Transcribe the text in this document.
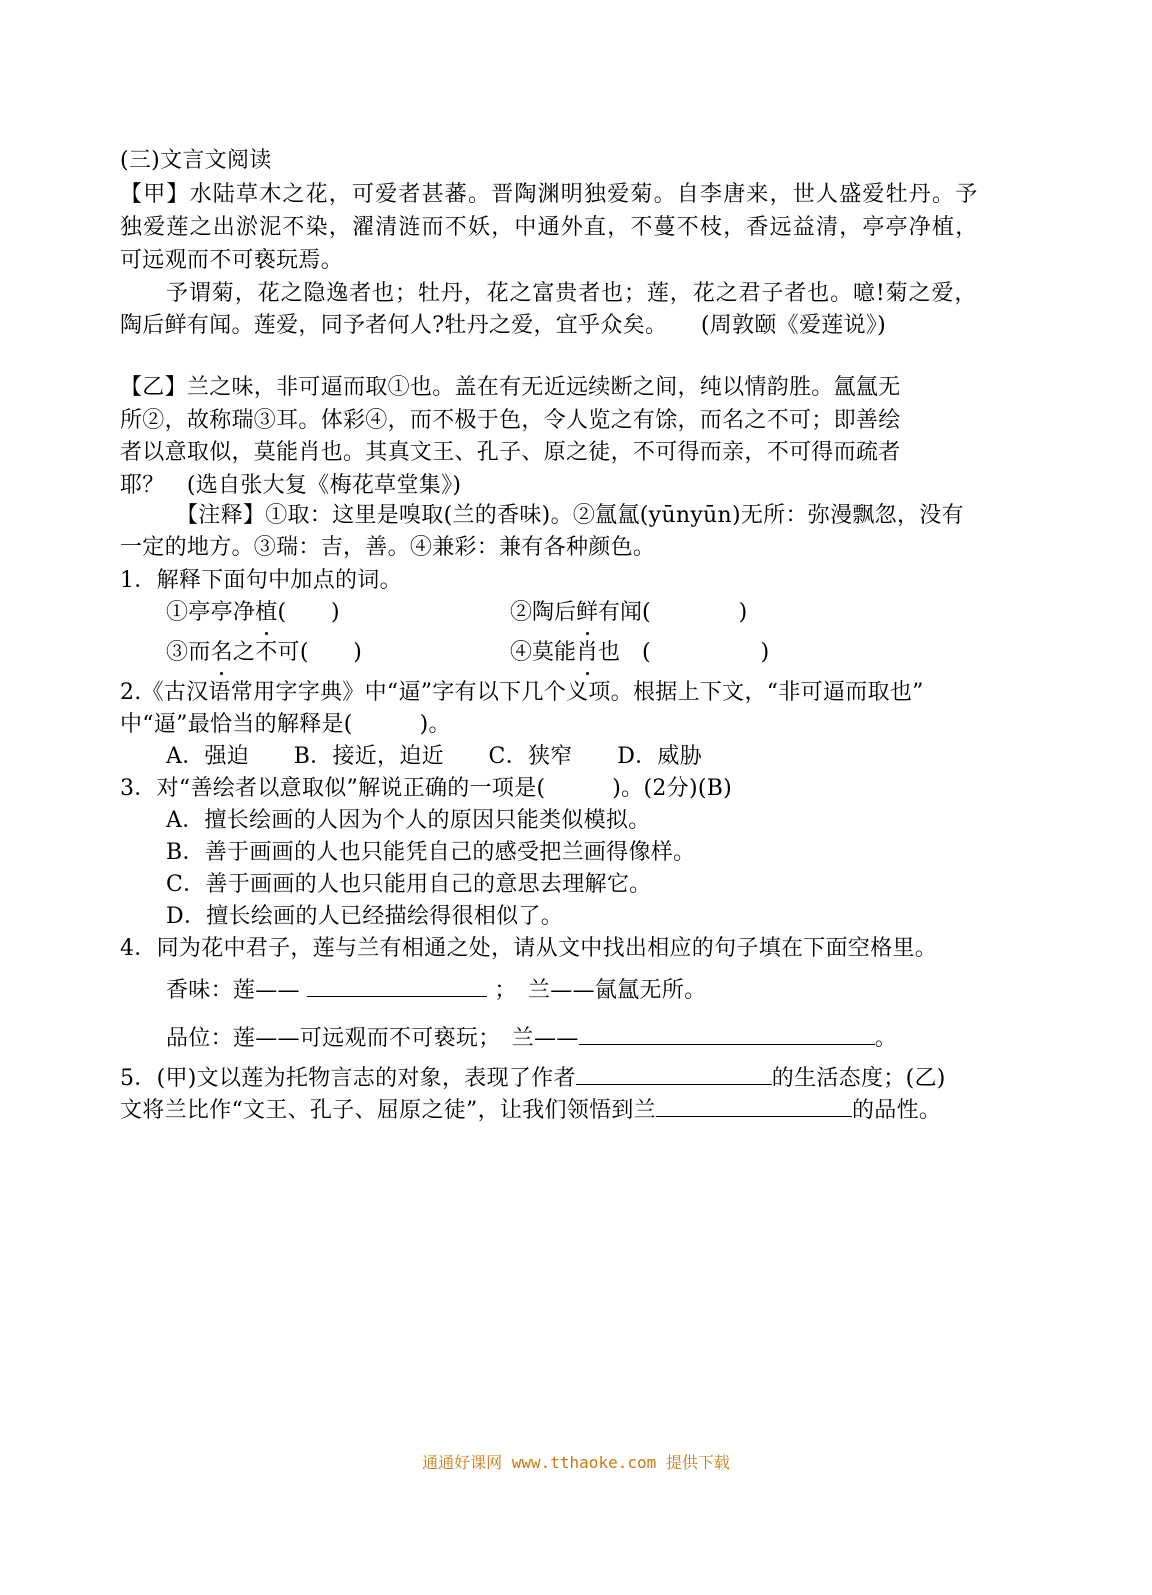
(三)文言文阅读
【甲】水陆草木之花，可爱者甚蕃。晋陶渊明独爱菊。自李唐来，世人盛爱牡丹。予
独爱莲之出淤泥不染，濯清涟而不妖，中通外直，不蔓不枝，香远益清，亭亭净植，
可远观而不可亵玩焉。
予谓菊，花之隐逸者也；牡丹，花之富贵者也；莲，花之君子者也。噫!菊之爱，
陶后鲜有闻。莲爱，同予者何人?牡丹之爱，宜乎众矣。　　(周敦颐《爱莲说》)
【乙】兰之味，非可逼而取①也。盖在有无近远续断之间，纯以情韵胜。氲氲无
所②，故称瑞③耳。体彩④，而不极于色，令人览之有馀，而名之不可；即善绘
者以意取似，莫能肖也。其真文王、孔子、原之徒，不可得而亲，不可得而疏者
耶？　(选自张大复《梅花草堂集》)
【注释】①取：这里是嗅取(兰的香味)。②氲氲(yūnyūn)无所：弥漫飘忽，没有
一定的地方。③瑞：吉，善。④兼彩：兼有各种颜色。
1．解释下面句中加点的词。
①亭亭净植(　　)	②陶后鲜有闻(　　　　)
③而名之不可(　　)	④莫能肖也　(　　　　　)
2.《古汉语常用字字典》中“逼”字有以下几个义项。根据上下文，“非可逼而取也”
中“逼”最恰当的解释是(　　　)。
A．强迫　　B．接近，迫近　　C．狭窄　　D．威胁
3．对“善绘者以意取似”解说正确的一项是(　　　)。(2分)(B)
A．擅长绘画的人因为个人的原因只能类似模拟。
B．善于画画的人也只能凭自己的感受把兰画得像样。
C．善于画画的人也只能用自己的意思去理解它。
D．擅长绘画的人已经描绘得很相似了。
4．同为花中君子，莲与兰有相通之处，请从文中找出相应的句子填在下面空格里。
香味：莲——	；　兰——氤氲无所。
品位：莲——可远观而不可亵玩；　兰——	。
5．(甲)文以莲为托物言志的对象，表现了作者	的生活态度；(乙)
文将兰比作“文王、孔子、屈原之徒”，让我们领悟到兰	的品性。
通通好课网 www.tthaoke.com 提供下载
